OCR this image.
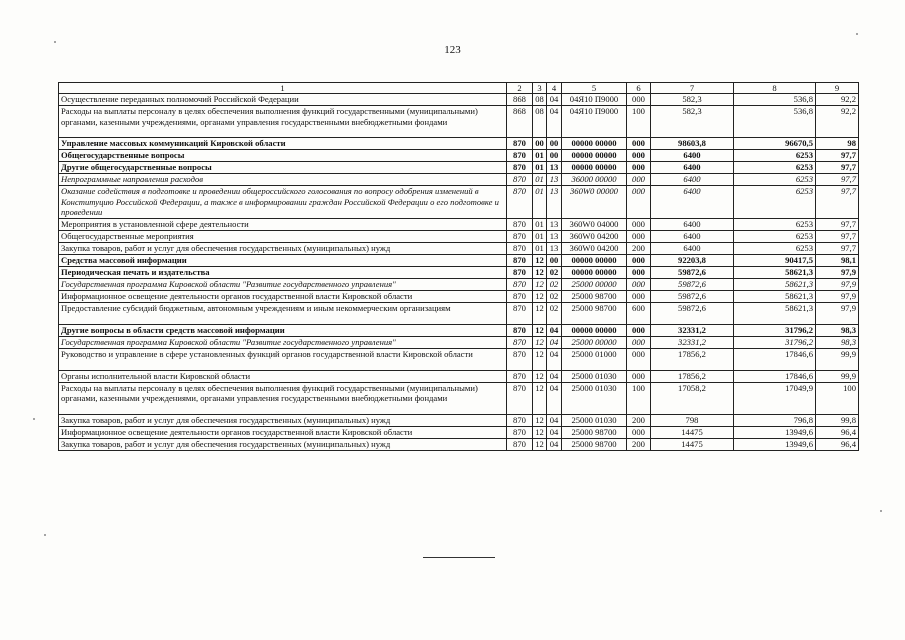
123
1	2	3	4	5	6	7	8	9
Осуществление переданных полномочий Российской Федерации	868	08	04	04Я10 П9000	000	582,3	536,8	92,2
Расходы на выплаты персоналу в целях обеспечения выполнения функций государственными (муниципальными) органами, казенными учреждениями, органами управления государственными внебюджетными фондами	868	08	04	04Я10 П9000	100	582,3	536,8	92,2
Управление массовых коммуникаций Кировской области	870	00	00	00000 00000	000	98603,8	96670,5	98
Общегосударственные вопросы	870	01	00	00000 00000	000	6400	6253	97,7
Другие общегосударственные вопросы	870	01	13	00000 00000	000	6400	6253	97,7
Непрограммные направления расходов	870	01	13	36000 00000	000	6400	6253	97,7
Оказание содействия в подготовке и проведении общероссийского голосования по вопросу одобрения изменений в Конституцию Российской Федерации, а также в информировании граждан Российской Федерации о его подготовке и проведении	870	01	13	360W0 00000	000	6400	6253	97,7
Мероприятия в установленной сфере деятельности	870	01	13	360W0 04000	000	6400	6253	97,7
Общегосударственные мероприятия	870	01	13	360W0 04200	000	6400	6253	97,7
Закупка товаров, работ и услуг для обеспечения государственных (муниципальных) нужд	870	01	13	360W0 04200	200	6400	6253	97,7
Средства массовой информации	870	12	00	00000 00000	000	92203,8	90417,5	98,1
Периодическая печать и издательства	870	12	02	00000 00000	000	59872,6	58621,3	97,9
Государственная программа Кировской области "Развитие государственного управления"	870	12	02	25000 00000	000	59872,6	58621,3	97,9
Информационное освещение деятельности органов государственной власти Кировской области	870	12	02	25000 98700	000	59872,6	58621,3	97,9
Предоставление субсидий бюджетным, автономным учреждениям и иным некоммерческим организациям	870	12	02	25000 98700	600	59872,6	58621,3	97,9
Другие вопросы в области средств массовой информации	870	12	04	00000 00000	000	32331,2	31796,2	98,3
Государственная программа Кировской области "Развитие государственного управления"	870	12	04	25000 00000	000	32331,2	31796,2	98,3
Руководство и управление в сфере установленных функций органов государственной власти Кировской области	870	12	04	25000 01000	000	17856,2	17846,6	99,9
Органы исполнительной власти Кировской области	870	12	04	25000 01030	000	17856,2	17846,6	99,9
Расходы на выплаты персоналу в целях обеспечения выполнения функций государственными (муниципальными) органами, казенными учреждениями, органами управления государственными внебюджетными фондами	870	12	04	25000 01030	100	17058,2	17049,9	100
Закупка товаров, работ и услуг для обеспечения государственных (муниципальных) нужд	870	12	04	25000 01030	200	798	796,8	99,8
Информационное освещение деятельности органов государственной власти Кировской области	870	12	04	25000 98700	000	14475	13949,6	96,4
Закупка товаров, работ и услуг для обеспечения государственных (муниципальных) нужд	870	12	04	25000 98700	200	14475	13949,6	96,4
